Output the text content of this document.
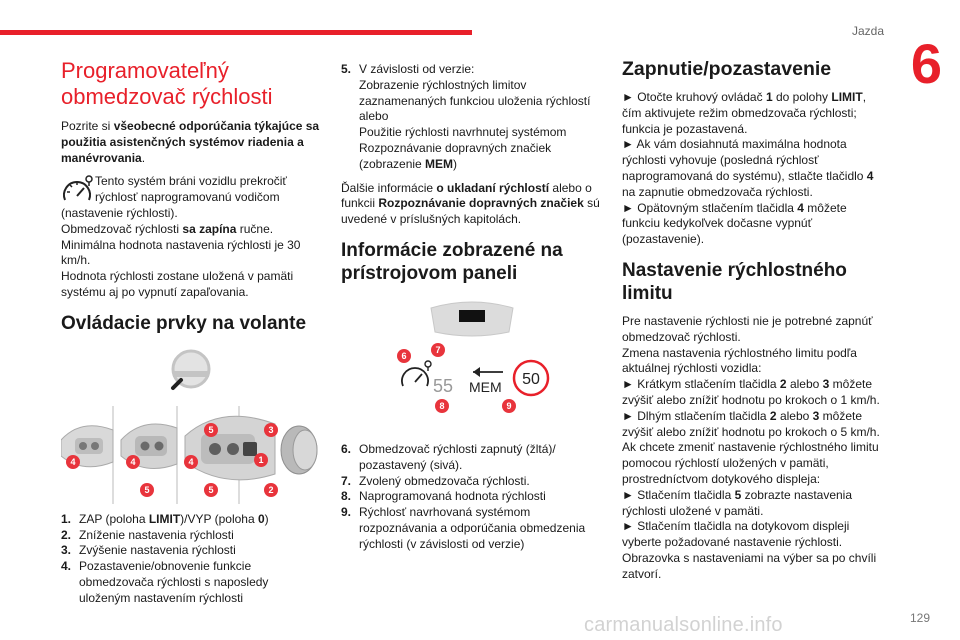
Jazda
6
Programovateľný obmedzovač rýchlosti

Pozrite si všeobecné odporúčania týkajúce sa použitia asistenčných systémov riadenia a manévrovania.

Tento systém bráni vozidlu prekročiť
rýchlosť naprogramovanú vodičom

(nastavenie rýchlosti).

Obmedzovač rýchlosti sa zapína ručne.

Minimálna hodnota nastavenia rýchlosti je 30 km/h.

Hodnota rýchlosti zostane uložená v pamäti systému aj po vypnutí zapaľovania.

Ovládacie prvky na volante
4	4	4
5	5
5	3
1
2
1. ZAP (poloha LIMIT)/VYP (poloha 0)
2. Zníženie nastavenia rýchlosti
3. Zvýšenie nastavenia rýchlosti
4. Pozastavenie/obnovenie funkcie obmedzovača rýchlosti s naposledy uloženým nastavením rýchlosti
5. V závislosti od verzie:
Zobrazenie rýchlostných limitov zaznamenaných funkciou uloženia rýchlostí
alebo
Použitie rýchlosti navrhnutej systémom Rozpoznávanie dopravných značiek
(zobrazenie MEM)

Ďalšie informácie o ukladaní rýchlostí alebo o funkcii Rozpoznávanie dopravných značiek sú uvedené v príslušných kapitolách.

Informácie zobrazené na prístrojovom paneli
55 MEM 50
6
7
8	9
6. Obmedzovač rýchlosti zapnutý (žltá)/ pozastavený (sivá).
7. Zvolený obmedzovača rýchlosti.
8. Naprogramovaná hodnota rýchlosti
9. Rýchlosť navrhovaná systémom rozpoznávania a odporúčania obmedzenia rýchlosti (v závislosti od verzie)
Zapnutie/pozastavenie

► Otočte kruhový ovládač 1 do polohy LIMIT, čím aktivujete režim obmedzovača rýchlosti; funkcia je pozastavená.

► Ak vám dosiahnutá maximálna hodnota rýchlosti vyhovuje (posledná rýchlosť naprogramovaná do systému), stlačte tlačidlo 4 na zapnutie obmedzovača rýchlosti.

► Opätovným stlačením tlačidla 4 môžete funkciu kedykoľvek dočasne vypnúť (pozastavenie).

Nastavenie rýchlostného limitu

Pre nastavenie rýchlosti nie je potrebné zapnúť obmedzovač rýchlosti.

Zmena nastavenia rýchlostného limitu podľa aktuálnej rýchlosti vozidla:

► Krátkym stlačením tlačidla 2 alebo 3 môžete zvýšiť alebo znížiť hodnotu po krokoch o 1 km/h.

► Dlhým stlačením tlačidla 2 alebo 3 môžete zvýšiť alebo znížiť hodnotu po krokoch o 5 km/h.

Ak chcete zmeniť nastavenie rýchlostného limitu pomocou rýchlostí uložených v pamäti, prostredníctvom dotykového displeja:

► Stlačením tlačidla 5 zobrazte nastavenia rýchlosti uložené v pamäti.

► Stlačením tlačidla na dotykovom displeji vyberte požadované nastavenie rýchlosti.

Obrazovka s nastaveniami na výber sa po chvíli zatvorí.

129
carmanualsonline.info
